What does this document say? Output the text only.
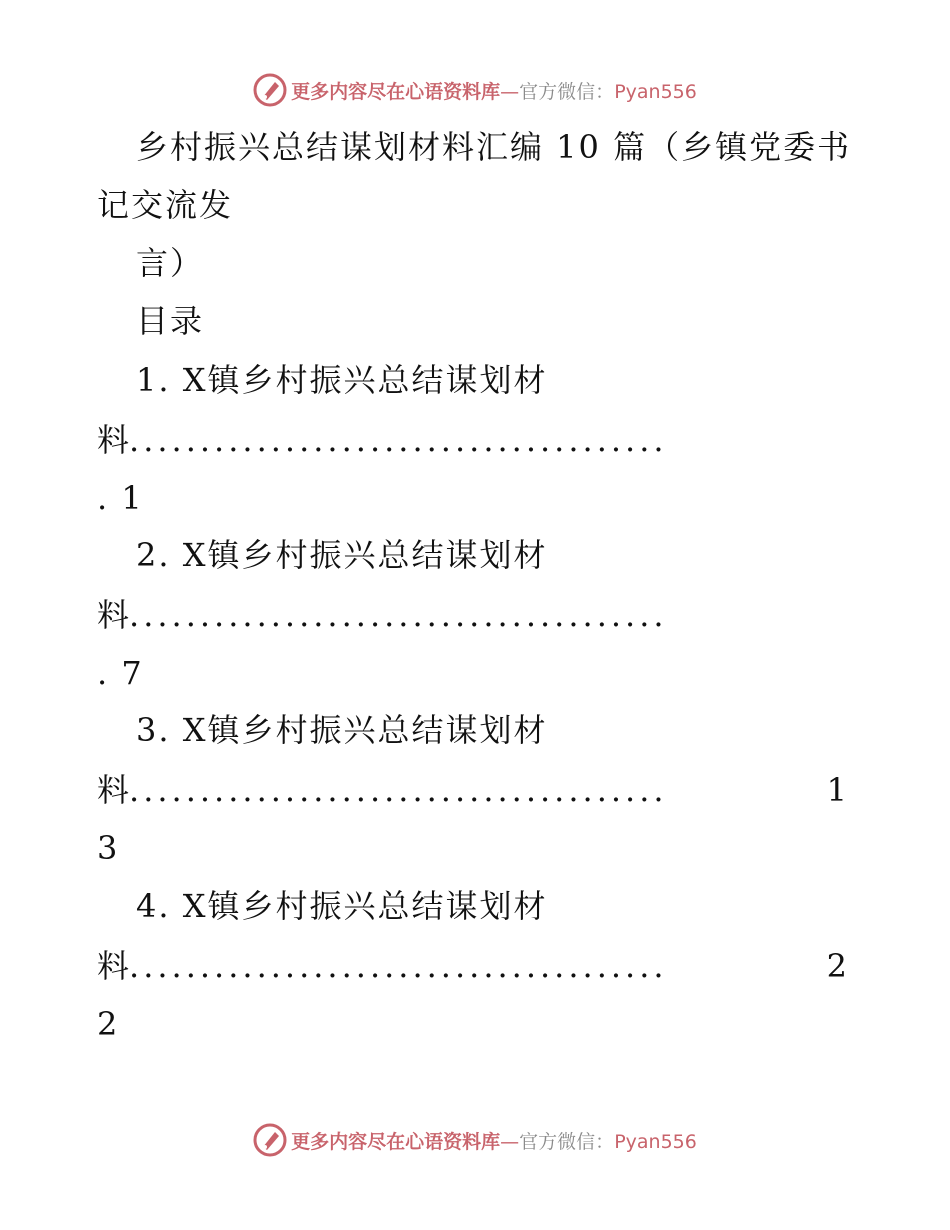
更多内容尽在心语资料库—官方微信：Pyan556
乡村振兴总结谋划材料汇编 10 篇（乡镇党委书
记交流发
言）
目录
1. X镇乡村振兴总结谋划材
料 ......................................
. 1
2. X镇乡村振兴总结谋划材
料 ......................................
. 7
3. X镇乡村振兴总结谋划材
料 ......................................	1
3
4. X镇乡村振兴总结谋划材
料 ......................................	2
2
更多内容尽在心语资料库—官方微信：Pyan556
